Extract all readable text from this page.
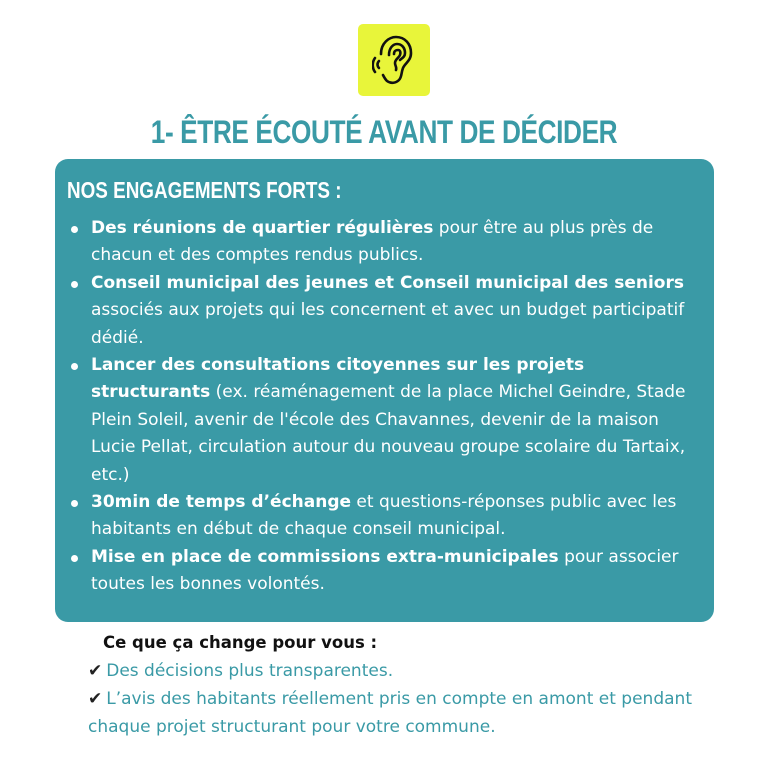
1- ÊTRE ÉCOUTÉ AVANT DE DÉCIDER
NOS ENGAGEMENTS FORTS :
Des réunions de quartier régulières pour être au plus près de chacun et des comptes rendus publics.
Conseil municipal des jeunes et Conseil municipal des seniors associés aux projets qui les concernent et avec un budget participatif dédié.
Lancer des consultations citoyennes sur les projets structurants (ex. réaménagement de la place Michel Geindre, Stade Plein Soleil, avenir de l'école des Chavannes, devenir de la maison Lucie Pellat, circulation autour du nouveau groupe scolaire du Tartaix, etc.)
30min de temps d’échange et questions-réponses public avec les habitants en début de chaque conseil municipal.
Mise en place de commissions extra-municipales pour associer toutes les bonnes volontés.
Ce que ça change pour vous :
✔ Des décisions plus transparentes.
✔ L’avis des habitants réellement pris en compte en amont et pendant chaque projet structurant pour votre commune.
